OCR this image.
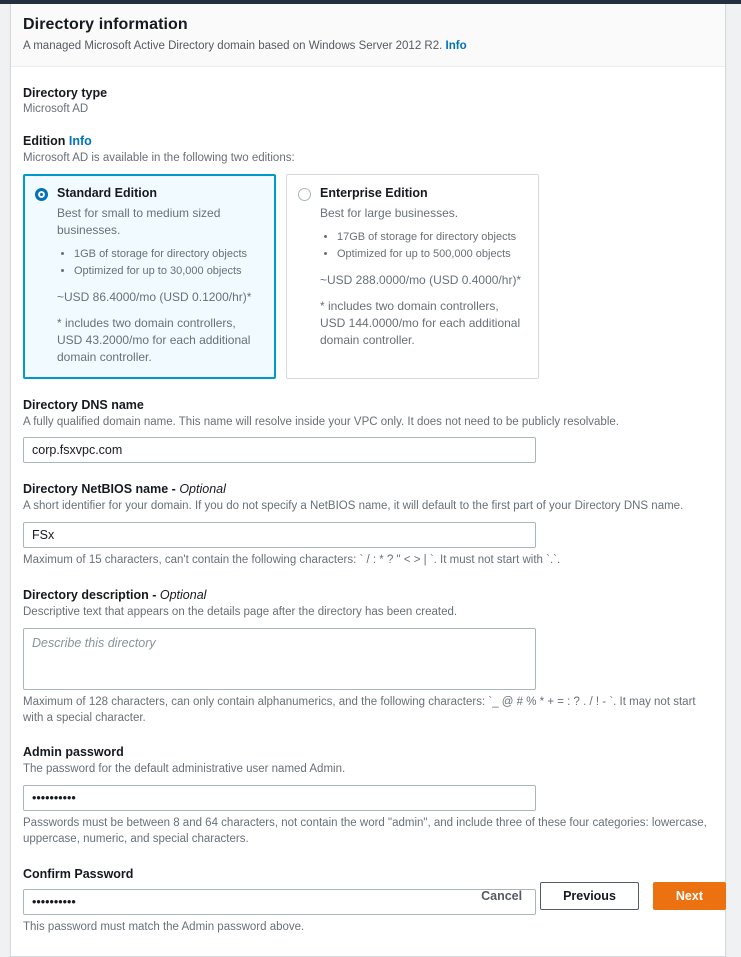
Directory information

A managed Microsoft Active Directory domain based on Windows Server 2012 R2. Info

Directory type
Microsoft AD
Edition Info
Microsoft AD is available in the following two editions:
Standard Edition

Best for small to medium sized businesses.

• 1GB of storage for directory objects
• Optimized for up to 30,000 objects

~USD 86.4000/mo (USD 0.1200/hr)*

* includes two domain controllers, USD 43.2000/mo for each additional domain controller.

Enterprise Edition

Best for large businesses.

• 17GB of storage for directory objects
• Optimized for up to 500,000 objects

~USD 288.0000/mo (USD 0.4000/hr)*

* includes two domain controllers, USD 144.0000/mo for each additional domain controller.

Directory DNS name
A fully qualified domain name. This name will resolve inside your VPC only. It does not need to be publicly resolvable.
corp.fsxvpc.com
Directory NetBIOS name - Optional
A short identifier for your domain. If you do not specify a NetBIOS name, it will default to the first part of your Directory DNS name.
FSx
Maximum of 15 characters, can't contain the following characters: ` / : * ? " < > | `. It must not start with `.`.
Directory description - Optional
Descriptive text that appears on the details page after the directory has been created.
Describe this directory
Maximum of 128 characters, can only contain alphanumerics, and the following characters: `_ @ # % * + = : ? . / ! - `. It may not start with a special character.
Admin password
The password for the default administrative user named Admin.
••••••••••
Passwords must be between 8 and 64 characters, not contain the word "admin", and include three of these four categories: lowercase, uppercase, numeric, and special characters.
Confirm Password
••••••••••
This password must match the Admin password above.
Cancel	Previous	Next
